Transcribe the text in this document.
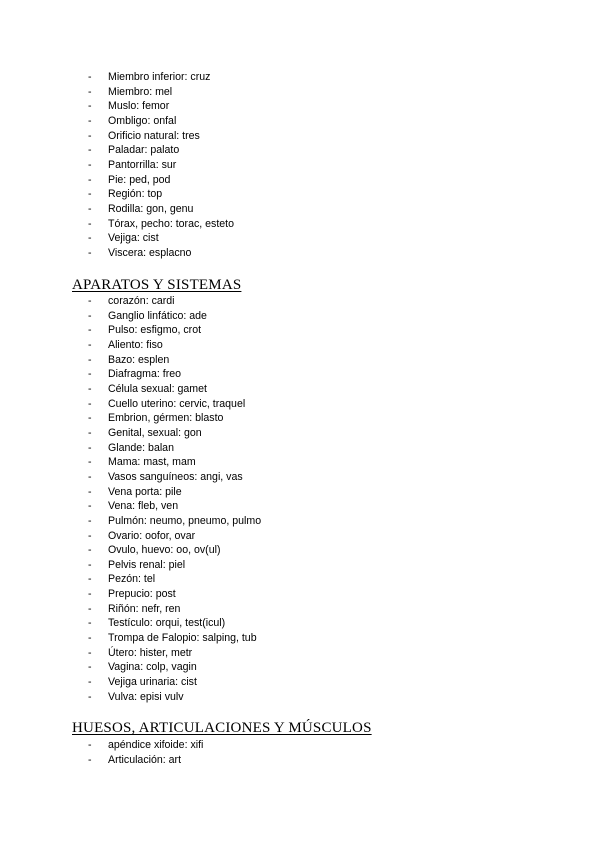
-	Miembro inferior: cruz
-	Miembro: mel
-	Muslo: femor
-	Ombligo: onfal
-	Orificio natural: tres
-	Paladar: palato
-	Pantorrilla: sur
-	Pie: ped, pod
-	Región: top
-	Rodilla: gon, genu
-	Tórax, pecho: torac, esteto
-	Vejiga: cist
-	Viscera: esplacno
APARATOS Y SISTEMAS
-	corazón: cardi
-	Ganglio linfático: ade
-	Pulso: esfigmo, crot
-	Aliento: fiso
-	Bazo: esplen
-	Diafragma: freo
-	Célula sexual: gamet
-	Cuello uterino: cervic, traquel
-	Embrion, gérmen: blasto
-	Genital, sexual: gon
-	Glande: balan
-	Mama: mast, mam
-	Vasos sanguíneos: angi, vas
-	Vena porta: pile
-	Vena: fleb, ven
-	Pulmón: neumo, pneumo, pulmo
-	Ovario: oofor, ovar
-	Ovulo, huevo: oo, ov(ul)
-	Pelvis renal: piel
-	Pezón: tel
-	Prepucio: post
-	Riñón: nefr, ren
-	Testículo: orqui, test(icul)
-	Trompa de Falopio: salping, tub
-	Útero: hister, metr
-	Vagina: colp, vagin
-	Vejiga urinaria: cist
-	Vulva: episi vulv
HUESOS, ARTICULACIONES Y MÚSCULOS
-	apéndice xifoide: xifi
-	Articulación: art
